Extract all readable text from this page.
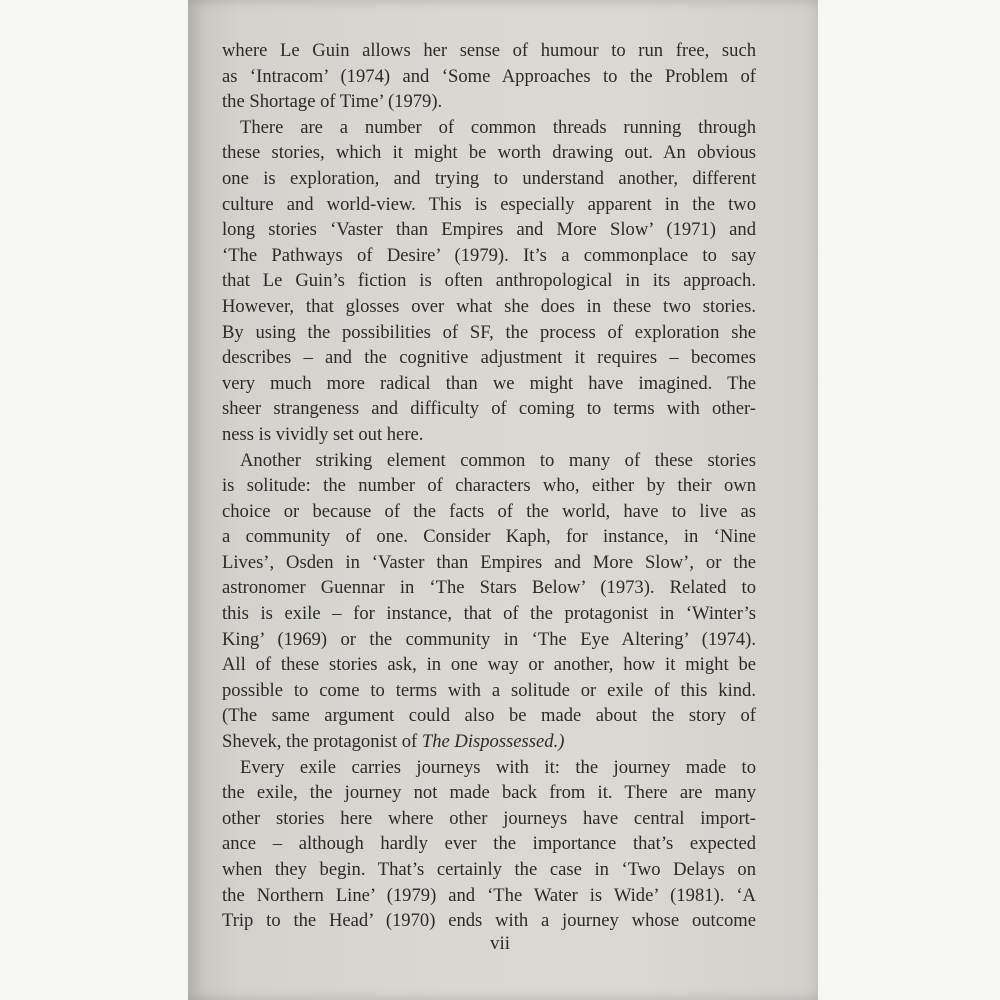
where Le Guin allows her sense of humour to run free, such
as ‘Intracom’ (1974) and ‘Some Approaches to the Problem of
the Shortage of Time’ (1979).
There are a number of common threads running through
these stories, which it might be worth drawing out. An obvious
one is exploration, and trying to understand another, different
culture and world-view. This is especially apparent in the two
long stories ‘Vaster than Empires and More Slow’ (1971) and
‘The Pathways of Desire’ (1979). It’s a commonplace to say
that Le Guin’s fiction is often anthropological in its approach.
However, that glosses over what she does in these two stories.
By using the possibilities of SF, the process of exploration she
describes – and the cognitive adjustment it requires – becomes
very much more radical than we might have imagined. The
sheer strangeness and difficulty of coming to terms with other-
ness is vividly set out here.
Another striking element common to many of these stories
is solitude: the number of characters who, either by their own
choice or because of the facts of the world, have to live as
a community of one. Consider Kaph, for instance, in ‘Nine
Lives’, Osden in ‘Vaster than Empires and More Slow’, or the
astronomer Guennar in ‘The Stars Below’ (1973). Related to
this is exile – for instance, that of the protagonist in ‘Winter’s
King’ (1969) or the community in ‘The Eye Altering’ (1974).
All of these stories ask, in one way or another, how it might be
possible to come to terms with a solitude or exile of this kind.
(The same argument could also be made about the story of
Shevek, the protagonist of The Dispossessed.)
Every exile carries journeys with it: the journey made to
the exile, the journey not made back from it. There are many
other stories here where other journeys have central import-
ance – although hardly ever the importance that’s expected
when they begin. That’s certainly the case in ‘Two Delays on
the Northern Line’ (1979) and ‘The Water is Wide’ (1981). ‘A
Trip to the Head’ (1970) ends with a journey whose outcome
vii
